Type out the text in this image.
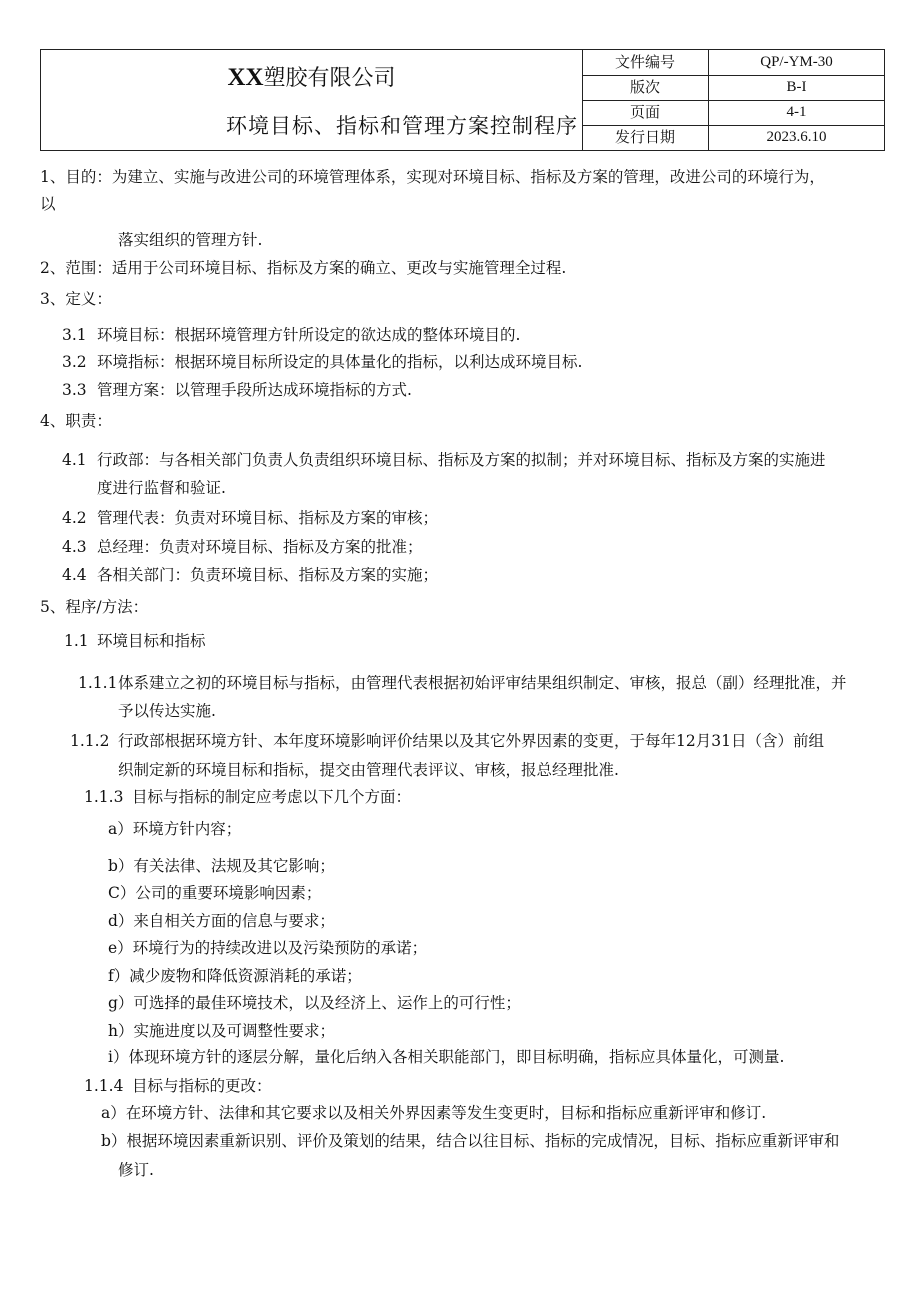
XX塑胶有限公司
环境目标、指标和管理方案控制程序
文件编号	QP/-YM-30
版次	B-I
页面	4-1
发行日期	2023.6.10
1、目的：为建立、实施与改进公司的环境管理体系，实现对环境目标、指标及方案的管理，改进公司的环境行为，
以
落实组织的管理方针.
2、范围：适用于公司环境目标、指标及方案的确立、更改与实施管理全过程.
3、定义：
3.1 环境目标：根据环境管理方针所设定的欲达成的整体环境目的.
3.2 环境指标：根据环境目标所设定的具体量化的指标，以利达成环境目标.
3.3 管理方案：以管理手段所达成环境指标的方式.
4、职责：
4.1 行政部：与各相关部门负责人负责组织环境目标、指标及方案的拟制；并对环境目标、指标及方案的实施进
度进行监督和验证.
4.2 管理代表：负责对环境目标、指标及方案的审核；
4.3 总经理：负责对环境目标、指标及方案的批准；
4.4 各相关部门：负责环境目标、指标及方案的实施；
5、程序/方法：
1.1 环境目标和指标
1.1.1 体系建立之初的环境目标与指标，由管理代表根据初始评审结果组织制定、审核，报总（副）经理批准，并
予以传达实施.
1.1.2 行政部根据环境方针、本年度环境影响评价结果以及其它外界因素的变更，于每年12月31日（含）前组
织制定新的环境目标和指标，提交由管理代表评议、审核，报总经理批准.
1.1.3 目标与指标的制定应考虑以下几个方面：
a）环境方针内容；
b）有关法律、法规及其它影响；
C）公司的重要环境影响因素；
d）来自相关方面的信息与要求；
e）环境行为的持续改进以及污染预防的承诺；
f）减少废物和降低资源消耗的承诺；
g）可选择的最佳环境技术，以及经济上、运作上的可行性；
h）实施进度以及可调整性要求；
i）体现环境方针的逐层分解，量化后纳入各相关职能部门，即目标明确，指标应具体量化，可测量.
1.1.4 目标与指标的更改：
a）在环境方针、法律和其它要求以及相关外界因素等发生变更时，目标和指标应重新评审和修订.
b）根据环境因素重新识别、评价及策划的结果，结合以往目标、指标的完成情况，目标、指标应重新评审和
修订.
